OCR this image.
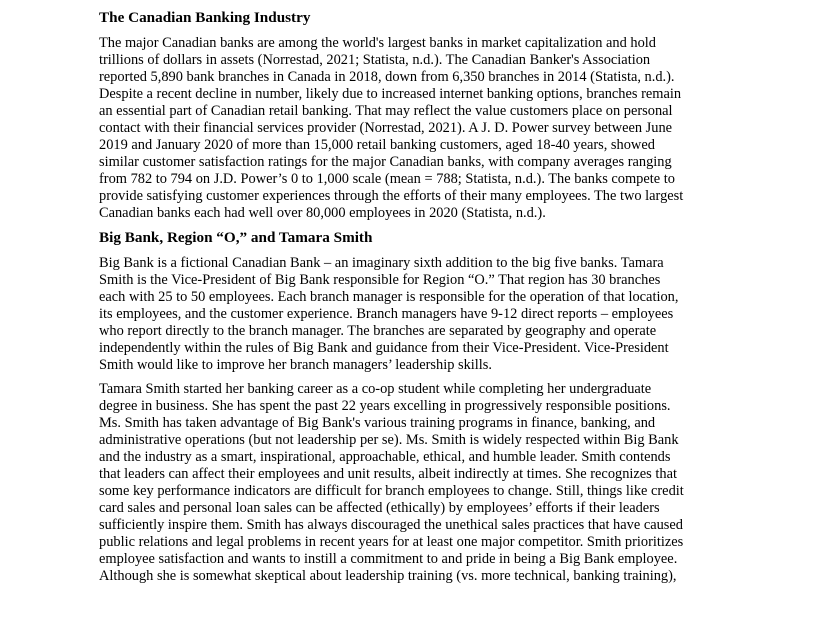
The Canadian Banking Industry
The major Canadian banks are among the world's largest banks in market capitalization and hold
trillions of dollars in assets (Norrestad, 2021; Statista, n.d.). The Canadian Banker's Association
reported 5,890 bank branches in Canada in 2018, down from 6,350 branches in 2014 (Statista, n.d.).
Despite a recent decline in number, likely due to increased internet banking options, branches remain
an essential part of Canadian retail banking. That may reflect the value customers place on personal
contact with their financial services provider (Norrestad, 2021). A J. D. Power survey between June
2019 and January 2020 of more than 15,000 retail banking customers, aged 18-40 years, showed
similar customer satisfaction ratings for the major Canadian banks, with company averages ranging
from 782 to 794 on J.D. Power’s 0 to 1,000 scale (mean = 788; Statista, n.d.). The banks compete to
provide satisfying customer experiences through the efforts of their many employees. The two largest
Canadian banks each had well over 80,000 employees in 2020 (Statista, n.d.).
Big Bank, Region “O,” and Tamara Smith
Big Bank is a fictional Canadian Bank – an imaginary sixth addition to the big five banks. Tamara
Smith is the Vice-President of Big Bank responsible for Region “O.” That region has 30 branches
each with 25 to 50 employees. Each branch manager is responsible for the operation of that location,
its employees, and the customer experience. Branch managers have 9-12 direct reports – employees
who report directly to the branch manager. The branches are separated by geography and operate
independently within the rules of Big Bank and guidance from their Vice-President. Vice-President
Smith would like to improve her branch managers’ leadership skills.
Tamara Smith started her banking career as a co-op student while completing her undergraduate
degree in business. She has spent the past 22 years excelling in progressively responsible positions.
Ms. Smith has taken advantage of Big Bank's various training programs in finance, banking, and
administrative operations (but not leadership per se). Ms. Smith is widely respected within Big Bank
and the industry as a smart, inspirational, approachable, ethical, and humble leader. Smith contends
that leaders can affect their employees and unit results, albeit indirectly at times. She recognizes that
some key performance indicators are difficult for branch employees to change. Still, things like credit
card sales and personal loan sales can be affected (ethically) by employees’ efforts if their leaders
sufficiently inspire them. Smith has always discouraged the unethical sales practices that have caused
public relations and legal problems in recent years for at least one major competitor. Smith prioritizes
employee satisfaction and wants to instill a commitment to and pride in being a Big Bank employee.
Although she is somewhat skeptical about leadership training (vs. more technical, banking training),
